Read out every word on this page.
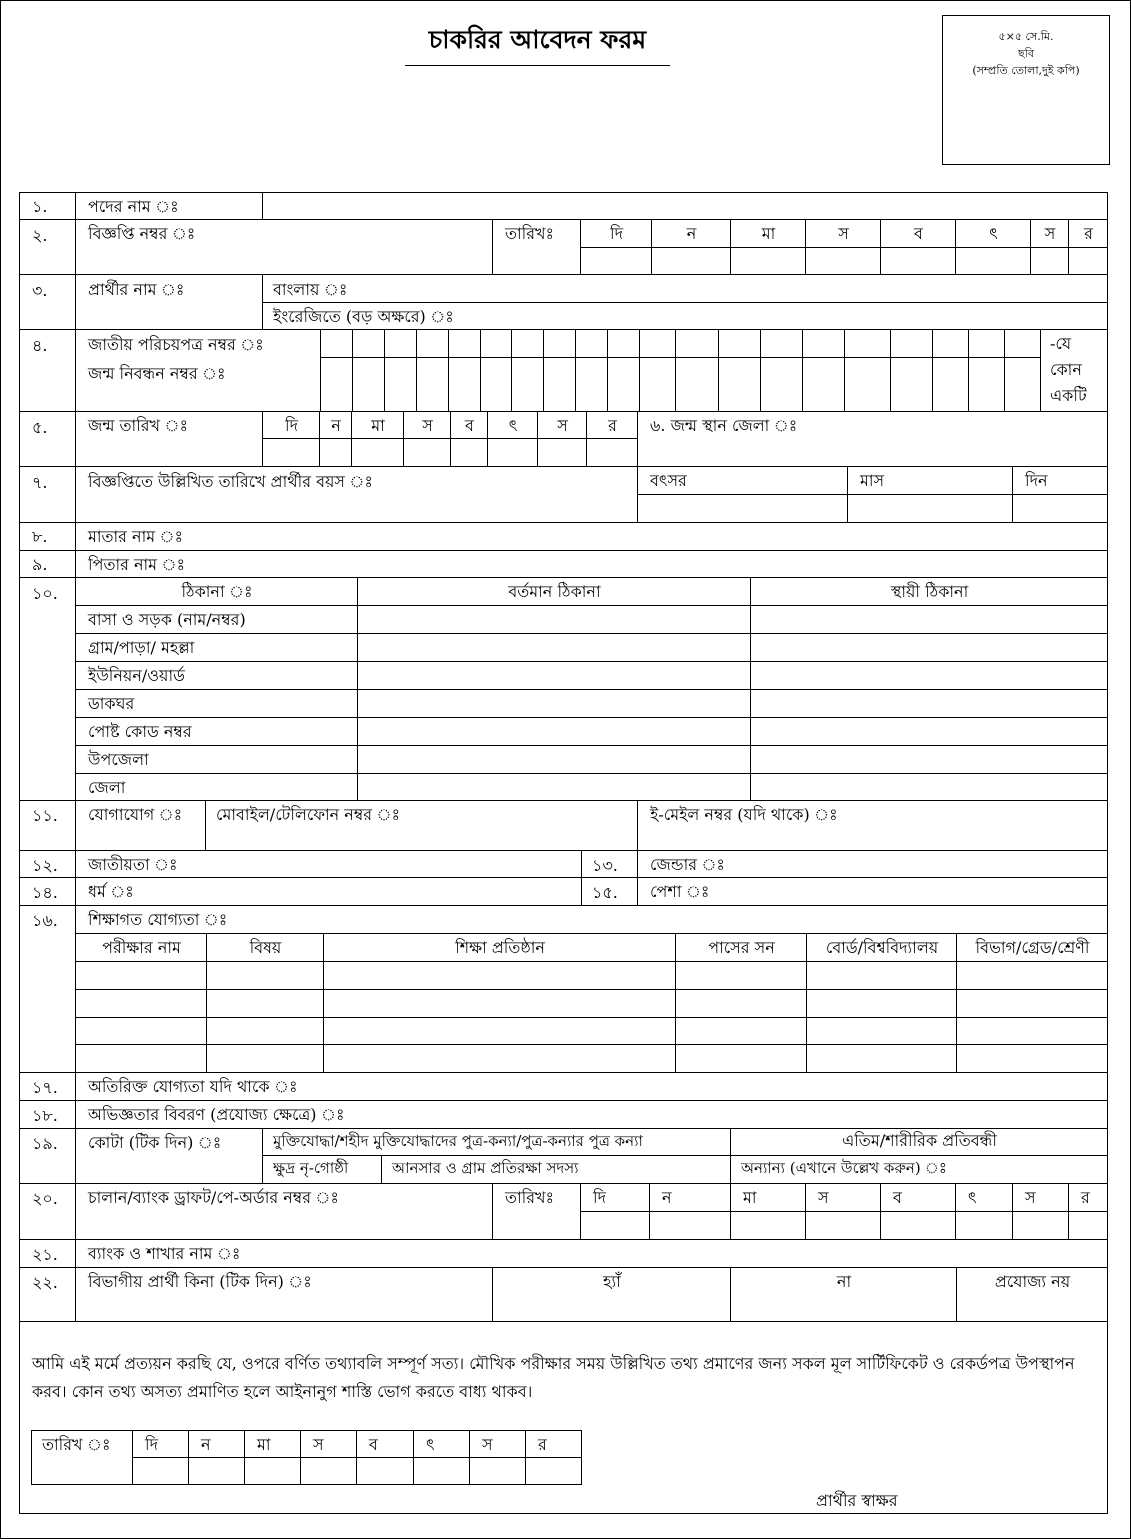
চাকরির আবেদন ফরম	৫×৫ সে.মি.
ছবি
(সম্প্রতি তোলা,দুই কপি)
১.	পদের নাম ঃ
২.	বিজ্ঞপ্তি নম্বর ঃ	তারিখঃ	দি	ন	মা	স	ব	ৎ	স	র
৩.	প্রার্থীর নাম ঃ	বাংলায় ঃ
ইংরেজিতে (বড় অক্ষরে) ঃ
৪.	জাতীয় পরিচয়পত্র নম্বর ঃ
জন্ম নিবন্ধন নম্বর ঃ
-যে
কোন
একটি
৫.	জন্ম তারিখ ঃ	দি	ন	মা	স	ব	ৎ	স	র	৬. জন্ম স্থান জেলা ঃ
৭.	বিজ্ঞপ্তিতে উল্লিখিত তারিখে প্রার্থীর বয়স ঃ	বৎসর	মাস	দিন
৮.	মাতার নাম ঃ
৯.	পিতার নাম ঃ
১০.	ঠিকানা ঃ	বর্তমান ঠিকানা	স্থায়ী ঠিকানা
বাসা ও সড়ক (নাম/নম্বর)
গ্রাম/পাড়া/ মহল্লা
ইউনিয়ন/ওয়ার্ড
ডাকঘর
পোষ্ট কোড নম্বর
উপজেলা
জেলা
১১. যোগাযোগ ঃ মোবাইল/টেলিফোন নম্বর ঃ	ই-মেইল নম্বর (যদি থাকে) ঃ
১২. জাতীয়তা ঃ	১৩. জেন্ডার ঃ
১৪. ধর্ম ঃ	১৫. পেশা ঃ
১৬. শিক্ষাগত যোগ্যতা ঃ
পরীক্ষার নাম	বিষয়	শিক্ষা প্রতিষ্ঠান	পাসের সন	বোর্ড/বিশ্ববিদ্যালয়	বিভাগ/গ্রেড/শ্রেণী
১৭. অতিরিক্ত যোগ্যতা যদি থাকে ঃ
১৮. অভিজ্ঞতার বিবরণ (প্রযোজ্য ক্ষেত্রে) ঃ
১৯. কোটা (টিক দিন) ঃ	মুক্তিযোদ্ধা/শহীদ মুক্তিযোদ্ধাদের পুত্র-কন্যা/পুত্র-কন্যার পুত্র কন্যা	এতিম/শারীরিক প্রতিবন্ধী
ক্ষুদ্র নৃ-গোষ্ঠী	আনসার ও গ্রাম প্রতিরক্ষা সদস্য	অন্যান্য (এখানে উল্লেখ করুন) ঃ
২০. চালান/ব্যাংক ড্রাফট/পে-অর্ডার নম্বর ঃ	তারিখঃ দি	ন	মা	স	ব	ৎ	স	র
২১. ব্যাংক ও শাখার নাম ঃ
২২. বিভাগীয় প্রার্থী কিনা (টিক দিন) ঃ	হ্যাঁ	না	প্রযোজ্য নয়
তারিখ ঃ দি	ন	মা	স	ব	ৎ	স	র
আমি এই মর্মে প্রত্যয়ন করছি যে, ওপরে বর্ণিত তথ্যাবলি সম্পূর্ণ সত্য। মৌখিক পরীক্ষার সময় উল্লিখিত তথ্য প্রমাণের জন্য সকল মূল সার্টিফিকেট ও রেকর্ডপত্র উপস্থাপন করব। কোন তথ্য অসত্য প্রমাণিত হলে আইনানুগ শাস্তি ভোগ করতে বাধ্য থাকব।
প্রার্থীর স্বাক্ষর
